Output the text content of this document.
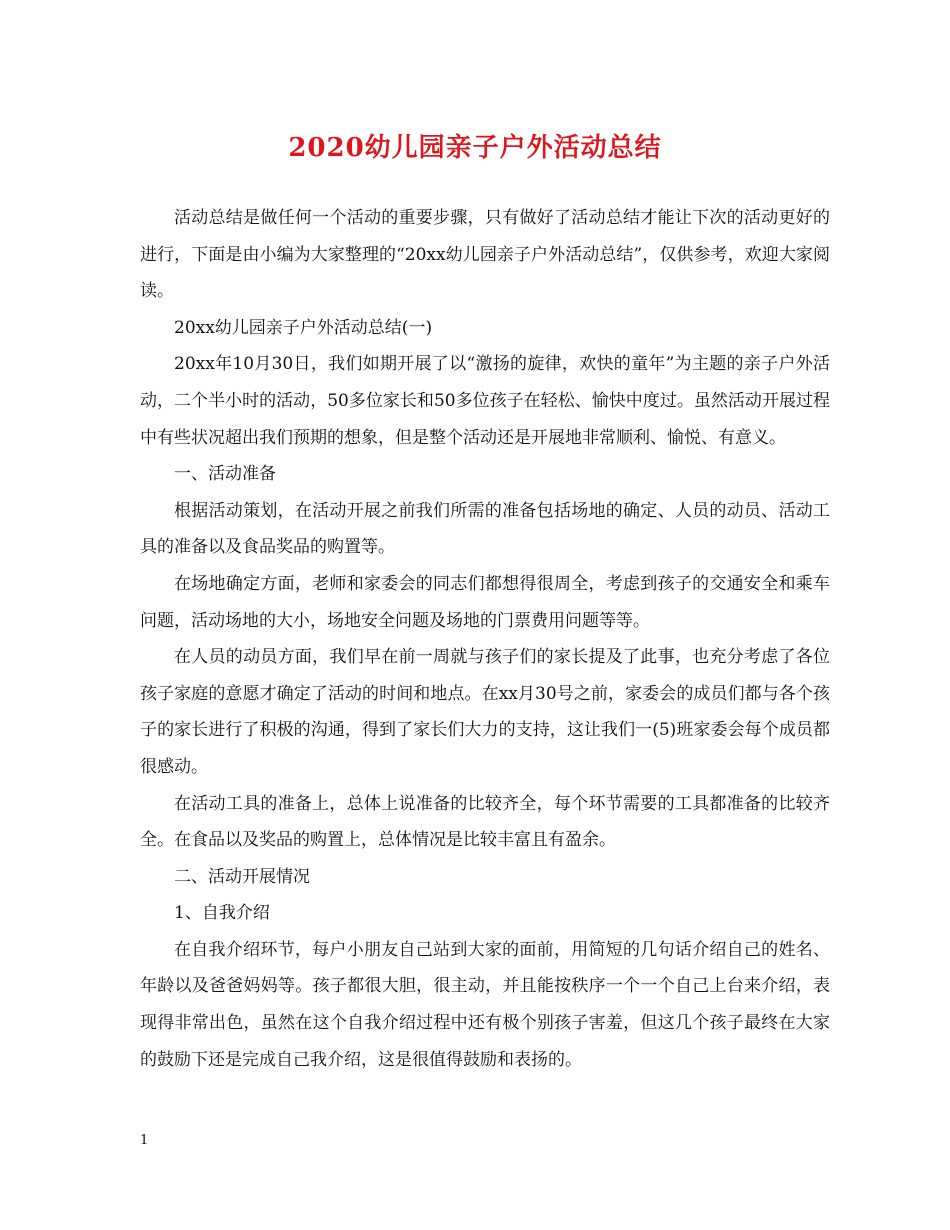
2020幼儿园亲子户外活动总结

活动总结是做任何一个活动的重要步骤，只有做好了活动总结才能让下次的活动更好的进行，下面是由小编为大家整理的“20xx幼儿园亲子户外活动总结”，仅供参考，欢迎大家阅读。

20xx幼儿园亲子户外活动总结(一)

20xx年10月30日，我们如期开展了以“激扬的旋律，欢快的童年”为主题的亲子户外活动，二个半小时的活动，50多位家长和50多位孩子在轻松、愉快中度过。虽然活动开展过程中有些状况超出我们预期的想象，但是整个活动还是开展地非常顺利、愉悦、有意义。

一、活动准备

根据活动策划，在活动开展之前我们所需的准备包括场地的确定、人员的动员、活动工具的准备以及食品奖品的购置等。

在场地确定方面，老师和家委会的同志们都想得很周全，考虑到孩子的交通安全和乘车问题，活动场地的大小，场地安全问题及场地的门票费用问题等等。

在人员的动员方面，我们早在前一周就与孩子们的家长提及了此事，也充分考虑了各位孩子家庭的意愿才确定了活动的时间和地点。在xx月30号之前，家委会的成员们都与各个孩子的家长进行了积极的沟通，得到了家长们大力的支持，这让我们一(5)班家委会每个成员都很感动。

在活动工具的准备上，总体上说准备的比较齐全，每个环节需要的工具都准备的比较齐全。在食品以及奖品的购置上，总体情况是比较丰富且有盈余。

二、活动开展情况

1、自我介绍

在自我介绍环节，每户小朋友自己站到大家的面前，用简短的几句话介绍自己的姓名、年龄以及爸爸妈妈等。孩子都很大胆，很主动，并且能按秩序一个一个自己上台来介绍，表现得非常出色，虽然在这个自我介绍过程中还有极个别孩子害羞，但这几个孩子最终在大家的鼓励下还是完成自己我介绍，这是很值得鼓励和表扬的。

1
